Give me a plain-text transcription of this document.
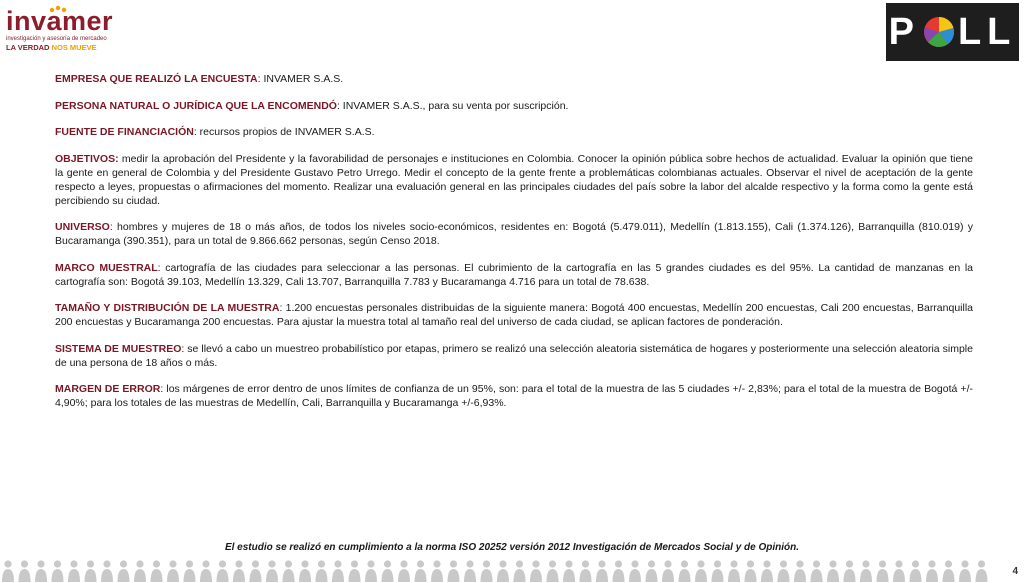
invamer
investigación y asesoría de mercadeo
LA VERDAD NOS MUEVE	P LL

EMPRESA QUE REALIZÓ LA ENCUESTA: INVAMER S.A.S.

PERSONA NATURAL O JURÍDICA QUE LA ENCOMENDÓ: INVAMER S.A.S., para su venta por suscripción.

FUENTE DE FINANCIACIÓN: recursos propios de INVAMER S.A.S.

OBJETIVOS: medir la aprobación del Presidente y la favorabilidad de personajes e instituciones en Colombia. Conocer la opinión pública sobre hechos de actualidad. Evaluar la opinión que tiene la gente en general de Colombia y del Presidente Gustavo Petro Urrego. Medir el concepto de la gente frente a problemáticas colombianas actuales. Observar el nivel de aceptación de la gente respecto a leyes, propuestas o afirmaciones del momento. Realizar una evaluación general en las principales ciudades del país sobre la labor del alcalde respectivo y la forma como la gente está percibiendo su ciudad.

UNIVERSO: hombres y mujeres de 18 o más años, de todos los niveles socio-económicos, residentes en: Bogotá (5.479.011), Medellín (1.813.155), Cali (1.374.126), Barranquilla (810.019) y Bucaramanga (390.351), para un total de 9.866.662 personas, según Censo 2018.

MARCO MUESTRAL: cartografía de las ciudades para seleccionar a las personas. El cubrimiento de la cartografía en las 5 grandes ciudades es del 95%. La cantidad de manzanas en la cartografía son: Bogotá 39.103, Medellín 13.329, Cali 13.707, Barranquilla 7.783 y Bucaramanga 4.716 para un total de 78.638.

TAMAÑO Y DISTRIBUCIÓN DE LA MUESTRA: 1.200 encuestas personales distribuidas de la siguiente manera: Bogotá 400 encuestas, Medellín 200 encuestas, Cali 200 encuestas, Barranquilla 200 encuestas y Bucaramanga 200 encuestas. Para ajustar la muestra total al tamaño real del universo de cada ciudad, se aplican factores de ponderación.

SISTEMA DE MUESTREO: se llevó a cabo un muestreo probabilístico por etapas, primero se realizó una selección aleatoria sistemática de hogares y posteriormente una selección aleatoria simple de una persona de 18 años o más.

MARGEN DE ERROR: los márgenes de error dentro de unos límites de confianza de un 95%, son: para el total de la muestra de las 5 ciudades +/- 2,83%; para el total de la muestra de Bogotá +/- 4,90%; para los totales de las muestras de Medellín, Cali, Barranquilla y Bucaramanga +/-6,93%.

El estudio se realizó en cumplimiento a la norma ISO 20252 versión 2012 Investigación de Mercados Social y de Opinión.
4
